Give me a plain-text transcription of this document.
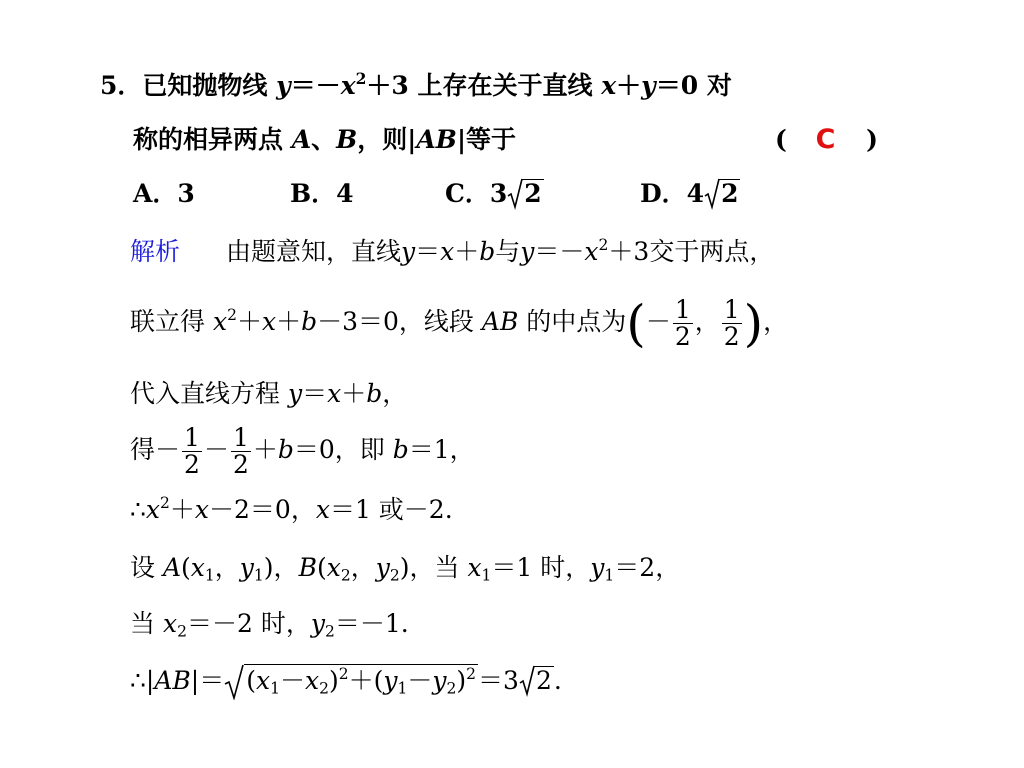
5．已知抛物线 $y=-x^2+3$ 上存在关于直线 x＋y＝0 对
称的相异两点 A、B，则|AB|等于	( C )
A．3	B．4	C．3 2	D．4 2
解析 由题意知，直线y＝x＋b与$y=-x^2+3$交于两点，
联立得 $x^2+x+b-3=0$，线段 AB 的中点为(－ $\frac{1}{2}$ ， $\frac{1}{2}$ )，
代入直线方程 y＝x＋b，
得－ $\frac{1}{2} - \frac{1}{2} +b=0$，即 b＝1，
$\therefore x^2+x-2=0$，x＝1 或－2.
设 $A(x_1$，$y_1$)，$B(x_2$，$y_2$)，当 $x_1=1$ 时，$y_1=2$，
当 $x_2=-2$ 时，$y_2=-1$.
∴|AB|＝ $(x_1-x_2)^2+(y_1-y_2)^2=3$ 2.
